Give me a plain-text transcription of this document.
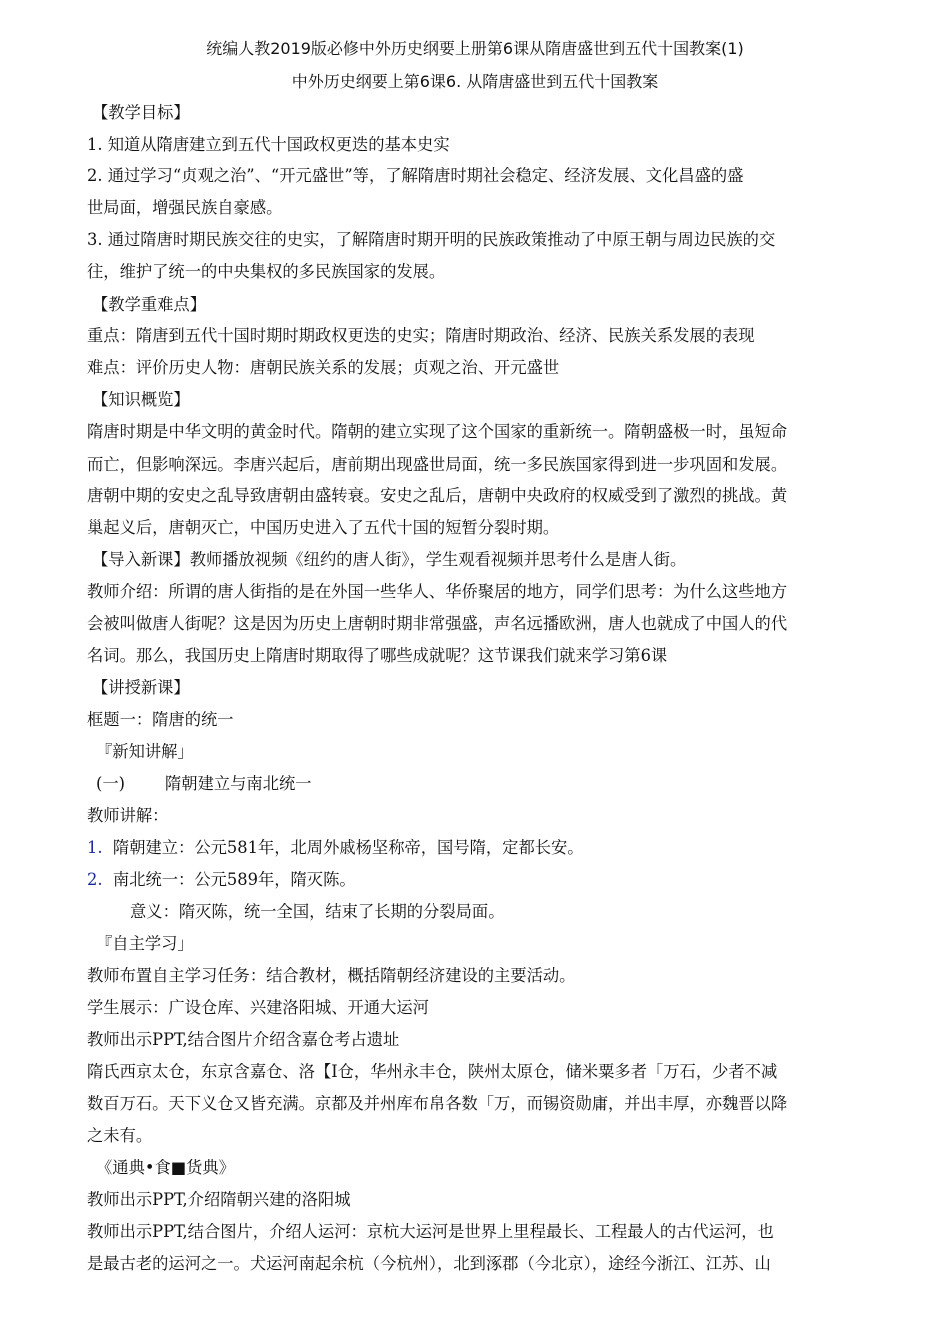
统编人教2019版必修中外历史纲要上册第6课从隋唐盛世到五代十国教案(1)
中外历史纲要上第6课6. 从隋唐盛世到五代十国教案
【教学目标】
1. 知道从隋唐建立到五代十国政权更迭的基本史实
2. 通过学习“贞观之治”、“开元盛世”等，了解隋唐时期社会稳定、经济发展、文化昌盛的盛
世局面，增强民族自豪感。
3. 通过隋唐时期民族交往的史实，了解隋唐时期开明的民族政策推动了中原王朝与周边民族的交
往，维护了统一的中央集权的多民族国家的发展。
【教学重难点】
重点：隋唐到五代十国时期时期政权更迭的史实；隋唐时期政治、经济、民族关系发展的表现
难点：评价历史人物：唐朝民族关系的发展；贞观之治、开元盛世
【知识概览】
隋唐时期是中华文明的黄金时代。隋朝的建立实现了这个国家的重新统一。隋朝盛极一时，虽短命
而亡，但影响深远。李唐兴起后，唐前期出现盛世局面，统一多民族国家得到进一步巩固和发展。
唐朝中期的安史之乱导致唐朝由盛转衰。安史之乱后，唐朝中央政府的权威受到了激烈的挑战。黄
巢起义后，唐朝灭亡，中国历史进入了五代十国的短暂分裂时期。
【导入新课】教师播放视频《纽约的唐人街》，学生观看视频并思考什么是唐人街。
教师介绍：所谓的唐人街指的是在外国一些华人、华侨聚居的地方，同学们思考：为什么这些地方
会被叫做唐人街呢？这是因为历史上唐朝时期非常强盛，声名远播欧洲，唐人也就成了中国人的代
名词。那么，我国历史上隋唐时期取得了哪些成就呢？这节课我们就来学习第6课
【讲授新课】
框题一：隋唐的统一
『新知讲解」
(一) 隋朝建立与南北统一
教师讲解：
1. 隋朝建立：公元581年，北周外戚杨坚称帝，国号隋，定都长安。
2. 南北统一：公元589年，隋灭陈。
意义：隋灭陈，统一全国，结束了长期的分裂局面。
『自主学习」
教师布置自主学习任务：结合教材，概括隋朝经济建设的主要活动。
学生展示：广设仓库、兴建洛阳城、开通大运河
教师出示PPT,结合图片介绍含嘉仓考占遗址
隋氏西京太仓，东京含嘉仓、洛【I仓，华州永丰仓，陕州太原仓，储米粟多者「万石，少者不减
数百万石。天下义仓又皆充满。京都及并州库布帛各数「万，而锡资勋庸，并出丰厚，亦魏晋以降
之未有。
《通典•食■货典》
教师出示PPT,介绍隋朝兴建的洛阳城
教师出示PPT,结合图片，介绍人运河：京杭大运河是世界上里程最长、工程最人的古代运河，也
是最古老的运河之一。犬运河南起余杭（今杭州），北到涿郡（今北京），途经今浙江、江苏、山
